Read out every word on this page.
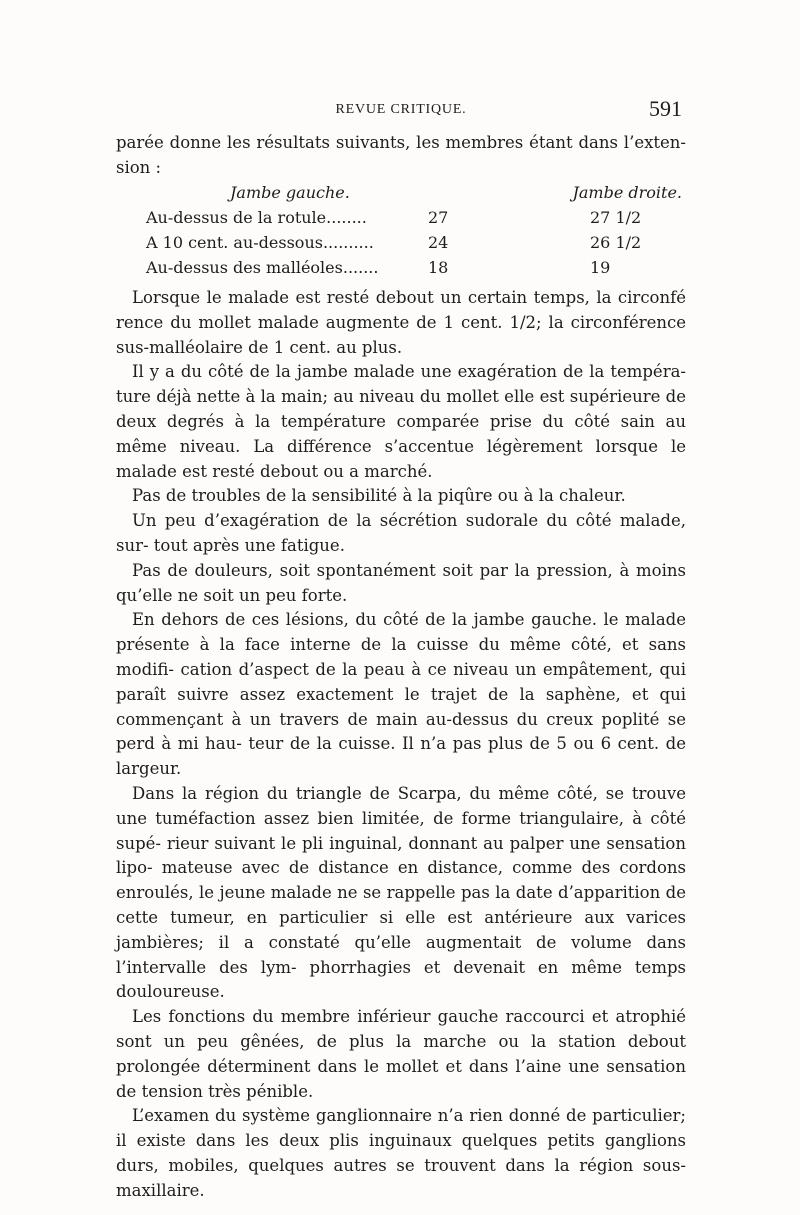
REVUE CRITIQUE.	591

parée donne les résultats suivants, les membres étant dans l’exten- sion :

Jambe gauche.	Jambe droite.
Au-dessus de la rotule........	27	27 1/2
A 10 cent. au-dessous..........	24	26 1/2
Au-dessus des malléoles.......	18	19

Lorsque le malade est resté debout un certain temps, la circonfé rence du mollet malade augmente de 1 cent. 1/2; la circonférence sus-malléolaire de 1 cent. au plus.

Il y a du côté de la jambe malade une exagération de la tempéra- ture déjà nette à la main; au niveau du mollet elle est supérieure de deux degrés à la température comparée prise du côté sain au même niveau. La différence s’accentue légèrement lorsque le malade est resté debout ou a marché.

Pas de troubles de la sensibilité à la piqûre ou à la chaleur.

Un peu d’exagération de la sécrétion sudorale du côté malade, sur- tout après une fatigue.

Pas de douleurs, soit spontanément soit par la pression, à moins qu’elle ne soit un peu forte.

En dehors de ces lésions, du côté de la jambe gauche. le malade présente à la face interne de la cuisse du même côté, et sans modifi- cation d’aspect de la peau à ce niveau un empâtement, qui paraît suivre assez exactement le trajet de la saphène, et qui commençant à un travers de main au-dessus du creux poplité se perd à mi hau- teur de la cuisse. Il n’a pas plus de 5 ou 6 cent. de largeur.

Dans la région du triangle de Scarpa, du même côté, se trouve une tuméfaction assez bien limitée, de forme triangulaire, à côté supé- rieur suivant le pli inguinal, donnant au palper une sensation lipo- mateuse avec de distance en distance, comme des cordons enroulés, le jeune malade ne se rappelle pas la date d’apparition de cette tumeur, en particulier si elle est antérieure aux varices jambières; il a constaté qu’elle augmentait de volume dans l’intervalle des lym- phorrhagies et devenait en même temps douloureuse.

Les fonctions du membre inférieur gauche raccourci et atrophié sont un peu gênées, de plus la marche ou la station debout prolongée déterminent dans le mollet et dans l’aine une sensation de tension très pénible.

L’examen du système ganglionnaire n’a rien donné de particulier; il existe dans les deux plis inguinaux quelques petits ganglions durs, mobiles, quelques autres se trouvent dans la région sous-maxillaire.
